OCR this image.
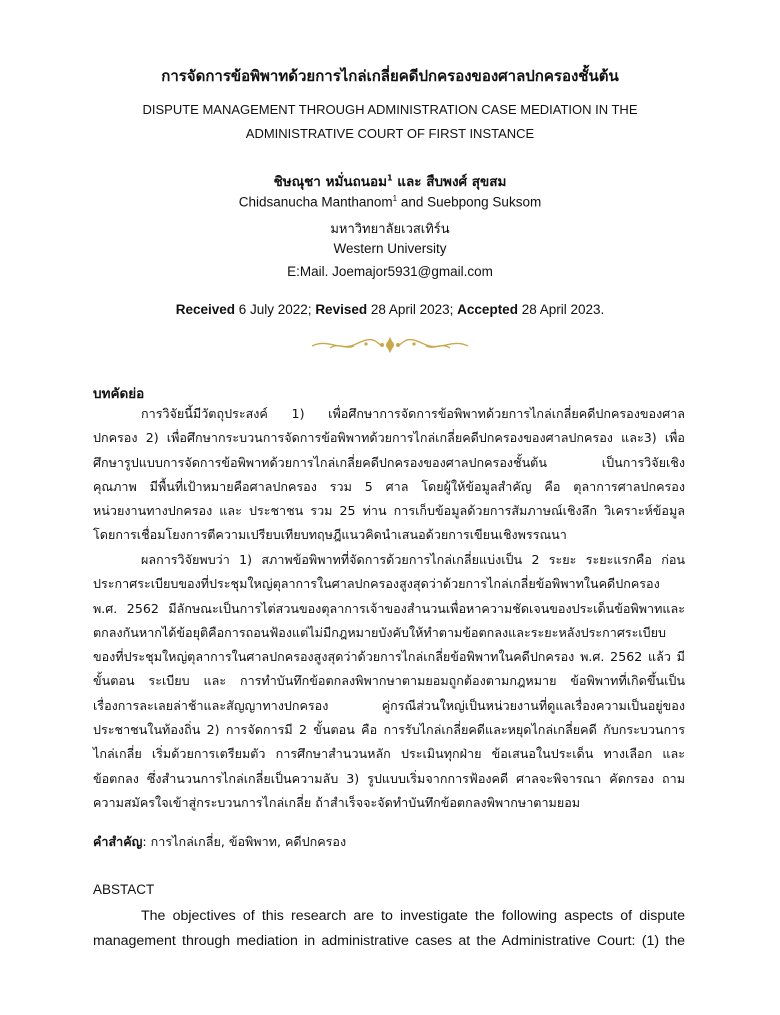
การจัดการข้อพิพาทด้วยการไกล่เกลี่ยคดีปกครองของศาลปกครองชั้นต้น
DISPUTE MANAGEMENT THROUGH ADMINISTRATION CASE MEDIATION IN THE
ADMINISTRATIVE COURT OF FIRST INSTANCE
ชิษณุชา หมั่นถนอม$^1$ และ สืบพงศ์ สุขสม
Chidsanucha Manthanom$^1$ and Suebpong Suksom
มหาวิทยาลัยเวสเทิร์น
Western University
E:Mail. Joemajor5931@gmail.com
Received 6 July 2022; Revised 28 April 2023; Accepted 28 April 2023.
บทคัดย่อ
การวิจัยนี้มีวัตถุประสงค์ 1) เพื่อศึกษาการจัดการข้อพิพาทด้วยการไกล่เกลี่ยคดีปกครองของศาล
ปกครอง 2) เพื่อศึกษากระบวนการจัดการข้อพิพาทด้วยการไกล่เกลี่ยคดีปกครองของศาลปกครอง และ3) เพื่อ
ศึกษารูปแบบการจัดการข้อพิพาทด้วยการไกล่เกลี่ยคดีปกครองของศาลปกครองชั้นต้น เป็นการวิจัยเชิง
คุณภาพ มีพื้นที่เป้าหมายคือศาลปกครอง รวม 5 ศาล โดยผู้ให้ข้อมูลสำคัญ คือ ตุลาการศาลปกครอง
หน่วยงานทางปกครอง และ ประชาชน รวม 25 ท่าน การเก็บข้อมูลด้วยการสัมภาษณ์เชิงลึก วิเคราะห์ข้อมูล
โดยการเชื่อมโยงการตีความเปรียบเทียบทฤษฎีแนวคิดนำเสนอด้วยการเขียนเชิงพรรณนา
ผลการวิจัยพบว่า 1) สภาพข้อพิพาทที่จัดการด้วยการไกล่เกลี่ยแบ่งเป็น 2 ระยะ ระยะแรกคือ ก่อน
ประกาศระเบียบของที่ประชุมใหญ่ตุลาการในศาลปกครองสูงสุดว่าด้วยการไกล่เกลี่ยข้อพิพาทในคดีปกครอง
พ.ศ. 2562 มีลักษณะเป็นการไต่สวนของตุลาการเจ้าของสำนวนเพื่อหาความชัดเจนของประเด็นข้อพิพาทและ
ตกลงกันหากได้ข้อยุติคือการถอนฟ้องแต่ไม่มีกฎหมายบังคับให้ทำตามข้อตกลงและระยะหลังประกาศระเบียบ
ของที่ประชุมใหญ่ตุลาการในศาลปกครองสูงสุดว่าด้วยการไกล่เกลี่ยข้อพิพาทในคดีปกครอง พ.ศ. 2562 แล้ว มี
ขั้นตอน ระเบียบ และ การทำบันทึกข้อตกลงพิพากษาตามยอมถูกต้องตามกฎหมาย ข้อพิพาทที่เกิดขึ้นเป็น
เรื่องการละเลยล่าช้าและสัญญาทางปกครอง คู่กรณีส่วนใหญ่เป็นหน่วยงานที่ดูแลเรื่องความเป็นอยู่ของ
ประชาชนในท้องถิ่น 2) การจัดการมี 2 ขั้นตอน คือ การรับไกล่เกลี่ยคดีและหยุดไกล่เกลี่ยคดี กับกระบวนการ
ไกล่เกลี่ย เริ่มด้วยการเตรียมตัว การศึกษาสำนวนหลัก ประเมินทุกฝ่าย ข้อเสนอในประเด็น ทางเลือก และ
ข้อตกลง ซึ่งสำนวนการไกล่เกลี่ยเป็นความลับ 3) รูปแบบเริ่มจากการฟ้องคดี ศาลจะพิจารณา คัดกรอง ถาม
ความสมัครใจเข้าสู่กระบวนการไกล่เกลี่ย ถ้าสำเร็จจะจัดทำบันทึกข้อตกลงพิพากษาตามยอม
คำสำคัญ: การไกล่เกลี่ย, ข้อพิพาท, คดีปกครอง
ABSTACT
The objectives of this research are to investigate the following aspects of dispute
management through mediation in administrative cases at the Administrative Court: (1) the
